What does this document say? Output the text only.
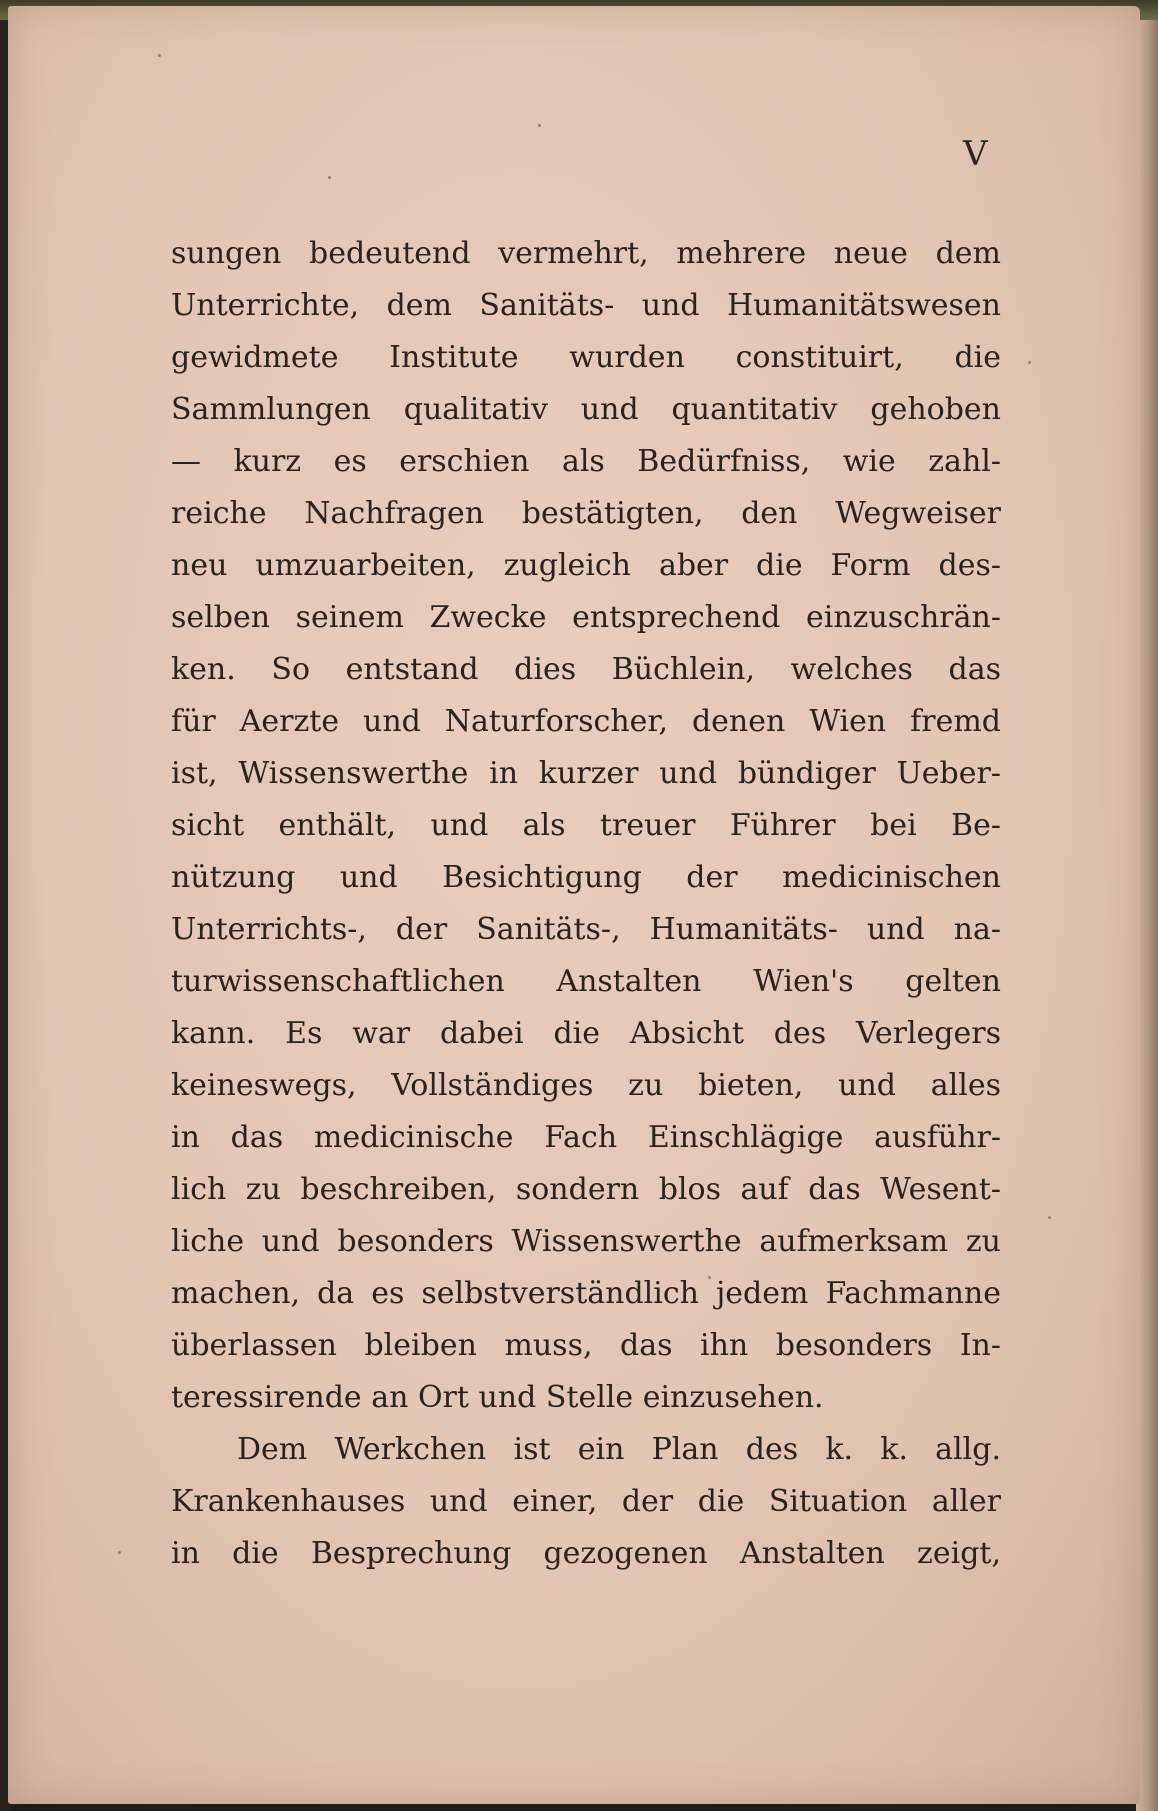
V
sungen bedeutend vermehrt, mehrere neue dem
Unterrichte, dem Sanitäts- und Humanitätswesen
gewidmete Institute wurden constituirt, die
Sammlungen qualitativ und quantitativ gehoben
— kurz es erschien als Bedürfniss, wie zahl-
reiche Nachfragen bestätigten, den Wegweiser
neu umzuarbeiten, zugleich aber die Form des-
selben seinem Zwecke entsprechend einzuschrän-
ken. So entstand dies Büchlein, welches das
für Aerzte und Naturforscher, denen Wien fremd
ist, Wissenswerthe in kurzer und bündiger Ueber-
sicht enthält, und als treuer Führer bei Be-
nützung und Besichtigung der medicinischen
Unterrichts-, der Sanitäts-, Humanitäts- und na-
turwissenschaftlichen Anstalten Wien's gelten
kann. Es war dabei die Absicht des Verlegers
keineswegs, Vollständiges zu bieten, und alles
in das medicinische Fach Einschlägige ausführ-
lich zu beschreiben, sondern blos auf das Wesent-
liche und besonders Wissenswerthe aufmerksam zu
machen, da es selbstverständlich jedem Fachmanne
überlassen bleiben muss, das ihn besonders In-
teressirende an Ort und Stelle einzusehen.
Dem Werkchen ist ein Plan des k. k. allg.
Krankenhauses und einer, der die Situation aller
in die Besprechung gezogenen Anstalten zeigt,
